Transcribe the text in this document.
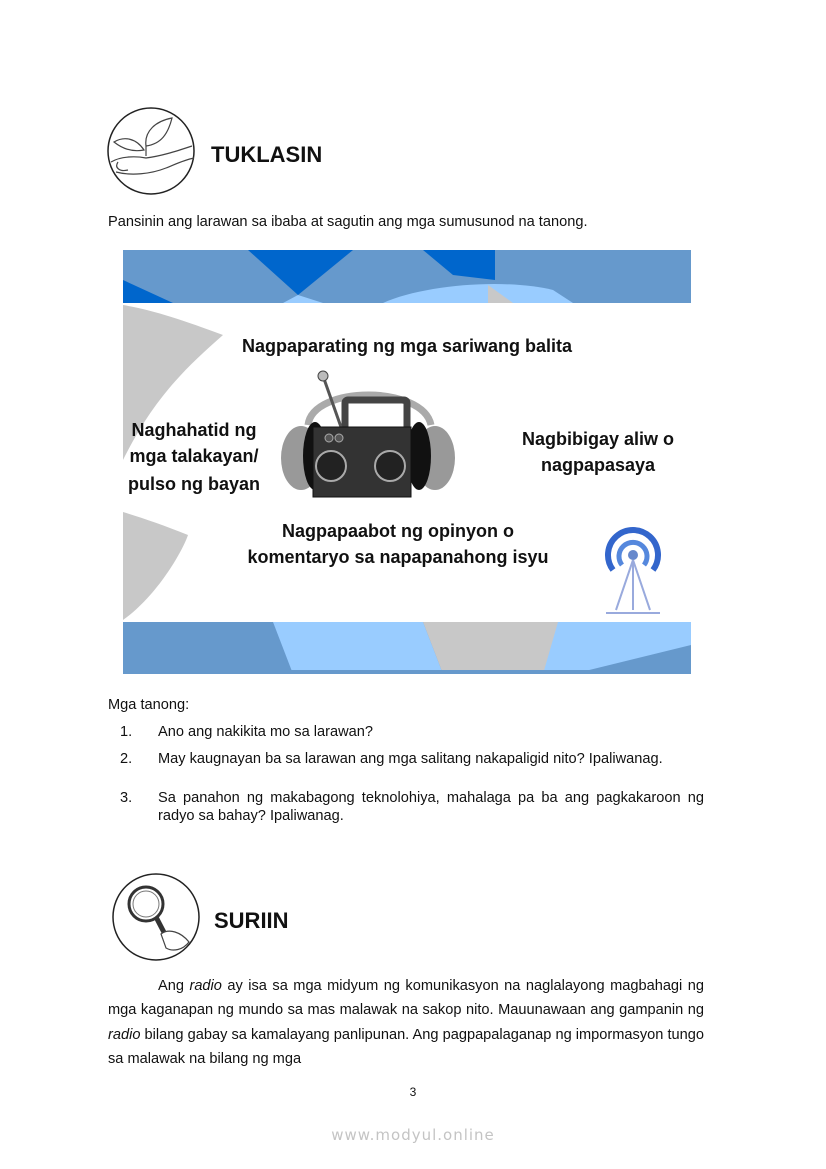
TUKLASIN
Pansinin ang larawan sa ibaba at sagutin ang mga sumusunod na tanong.
Nagpaparating ng mga sariwang balita
Naghahatid ng
mga talakayan/
pulso ng bayan
Nagbibigay aliw o
nagpapasaya
Nagpapaabot ng opinyon o
komentaryo sa napapanahong isyu
Mga tanong:
1. Ano ang nakikita mo sa larawan?
2. May kaugnayan ba sa larawan ang mga salitang nakapaligid nito? Ipaliwanag.
3. Sa panahon ng makabagong teknolohiya, mahalaga pa ba ang pagkakaroon ng radyo sa bahay? Ipaliwanag.
SURIIN
Ang radio ay isa sa mga midyum ng komunikasyon na naglalayong magbahagi ng mga kaganapan ng mundo sa mas malawak na sakop nito. Mauunawaan ang gampanin ng radio bilang gabay sa kamalayang panlipunan. Ang pagpapalaganap ng impormasyon tungo sa malawak na bilang ng mga
3
www.modyul.online
